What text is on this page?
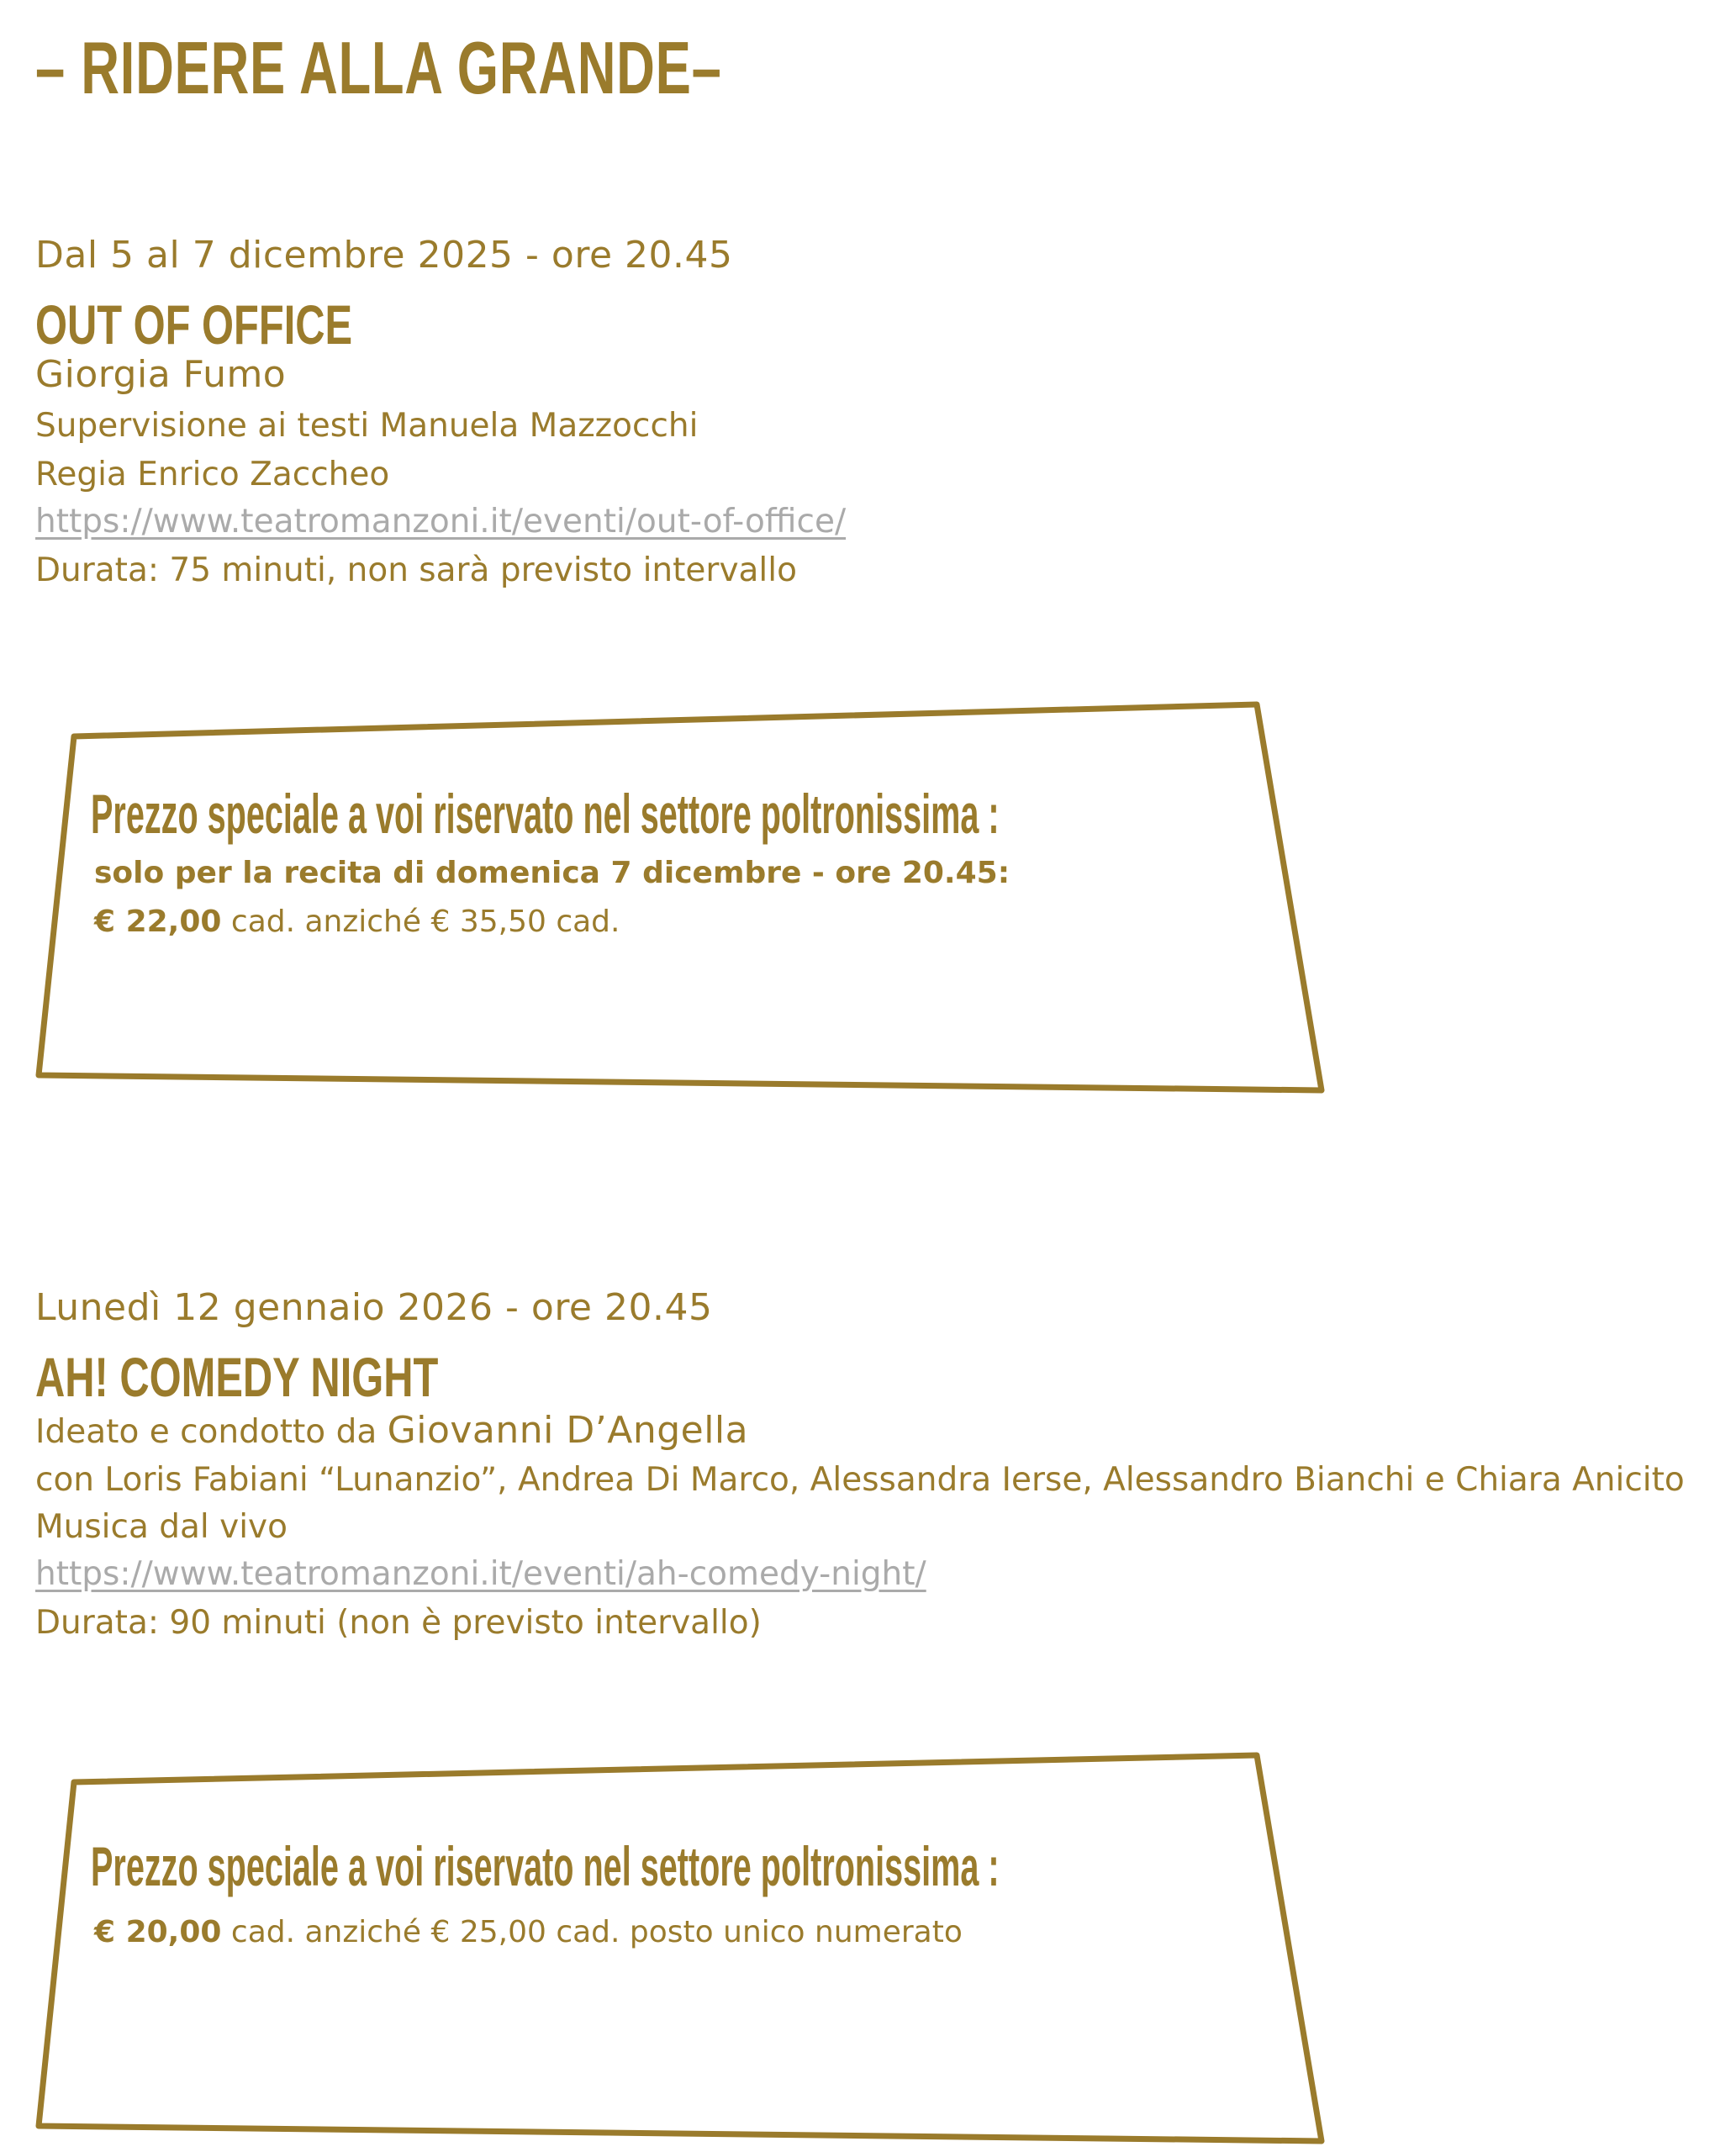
– RIDERE ALLA GRANDE–
Dal 5 al 7 dicembre 2025 - ore 20.45
OUT OF OFFICE
Giorgia Fumo
Supervisione ai testi Manuela Mazzocchi
Regia Enrico Zaccheo
https://www.teatromanzoni.it/eventi/out-of-office/
Durata: 75 minuti, non sarà previsto intervallo
Prezzo speciale a voi riservato nel settore poltronissima :
solo per la recita di domenica 7 dicembre - ore 20.45:
€ 22,00 cad. anziché € 35,50 cad.
Lunedì 12 gennaio 2026 - ore 20.45
AH! COMEDY NIGHT
Ideato e condotto da Giovanni D’Angella
con Loris Fabiani “Lunanzio”, Andrea Di Marco, Alessandra Ierse, Alessandro Bianchi e Chiara Anicito
Musica dal vivo
https://www.teatromanzoni.it/eventi/ah-comedy-night/
Durata: 90 minuti (non è previsto intervallo)
Prezzo speciale a voi riservato nel settore poltronissima :
€ 20,00 cad. anziché € 25,00 cad. posto unico numerato
